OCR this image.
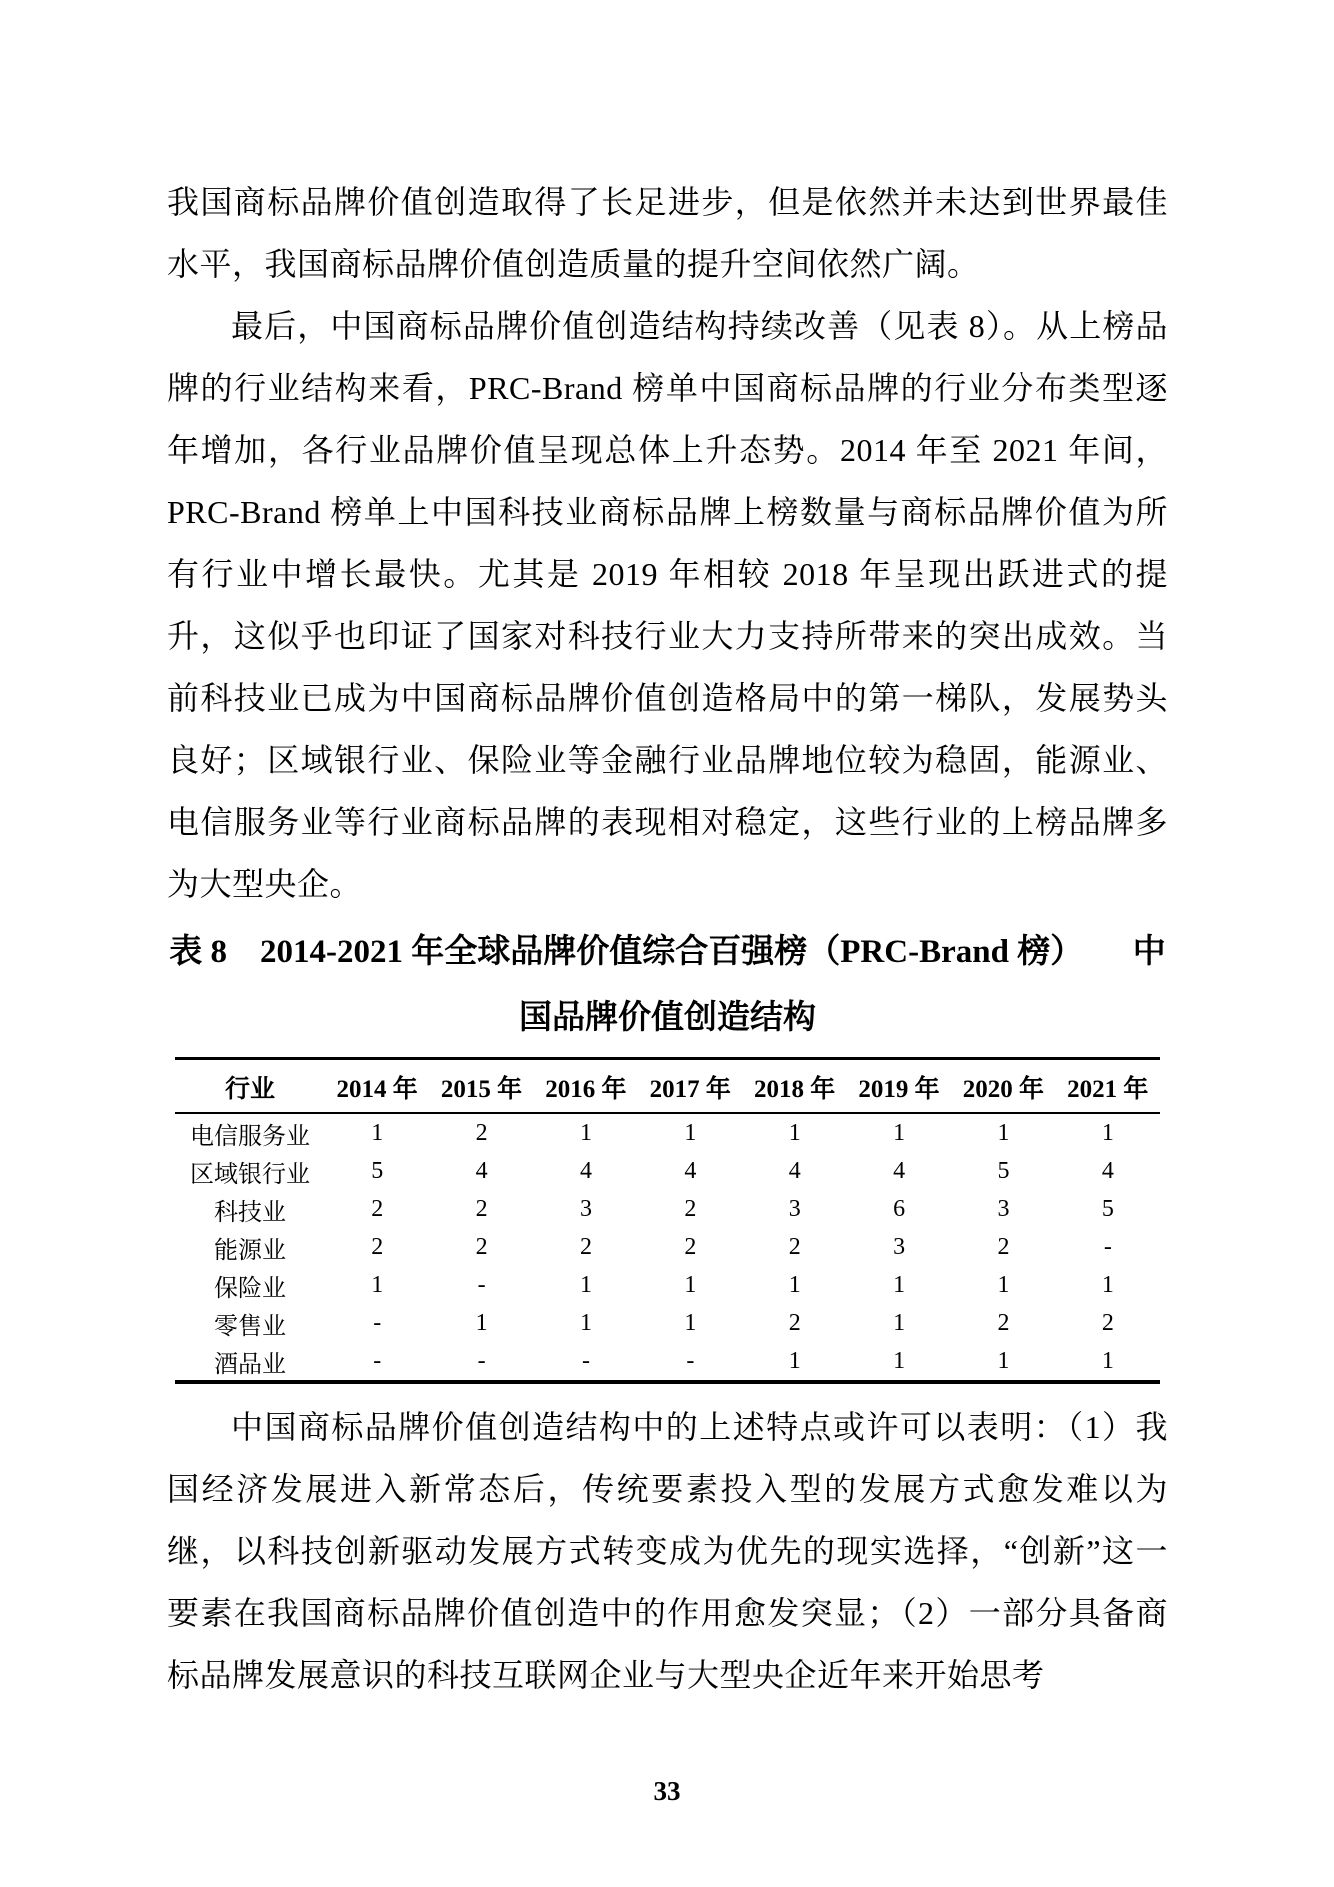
我国商标品牌价值创造取得了长足进步，但是依然并未达到世界最佳水平，我国商标品牌价值创造质量的提升空间依然广阔。

最后，中国商标品牌价值创造结构持续改善（见表 8）。从上榜品牌的行业结构来看，PRC-Brand 榜单中国商标品牌的行业分布类型逐年增加，各行业品牌价值呈现总体上升态势。2014 年至 2021 年间，PRC-Brand 榜单上中国科技业商标品牌上榜数量与商标品牌价值为所有行业中增长最快。尤其是 2019 年相较 2018 年呈现出跃进式的提升，这似乎也印证了国家对科技行业大力支持所带来的突出成效。当前科技业已成为中国商标品牌价值创造格局中的第一梯队，发展势头良好；区域银行业、保险业等金融行业品牌地位较为稳固，能源业、电信服务业等行业商标品牌的表现相对稳定，这些行业的上榜品牌多为大型央企。

表 8　2014-2021 年全球品牌价值综合百强榜（PRC-Brand 榜）　　中
国品牌价值创造结构
行业	2014 年	2015 年	2016 年	2017 年	2018 年	2019 年	2020 年	2021 年
电信服务业	1	2	1	1	1	1	1	1
区域银行业	5	4	4	4	4	4	5	4
科技业	2	2	3	2	3	6	3	5
能源业	2	2	2	2	2	3	2	-
保险业	1	-	1	1	1	1	1	1
零售业	-	1	1	1	2	1	2	2
酒品业	-	-	-	-	1	1	1	1

中国商标品牌价值创造结构中的上述特点或许可以表明：（1）我国经济发展进入新常态后，传统要素投入型的发展方式愈发难以为继，以科技创新驱动发展方式转变成为优先的现实选择，“创新”这一要素在我国商标品牌价值创造中的作用愈发突显；（2）一部分具备商标品牌发展意识的科技互联网企业与大型央企近年来开始思考

33
